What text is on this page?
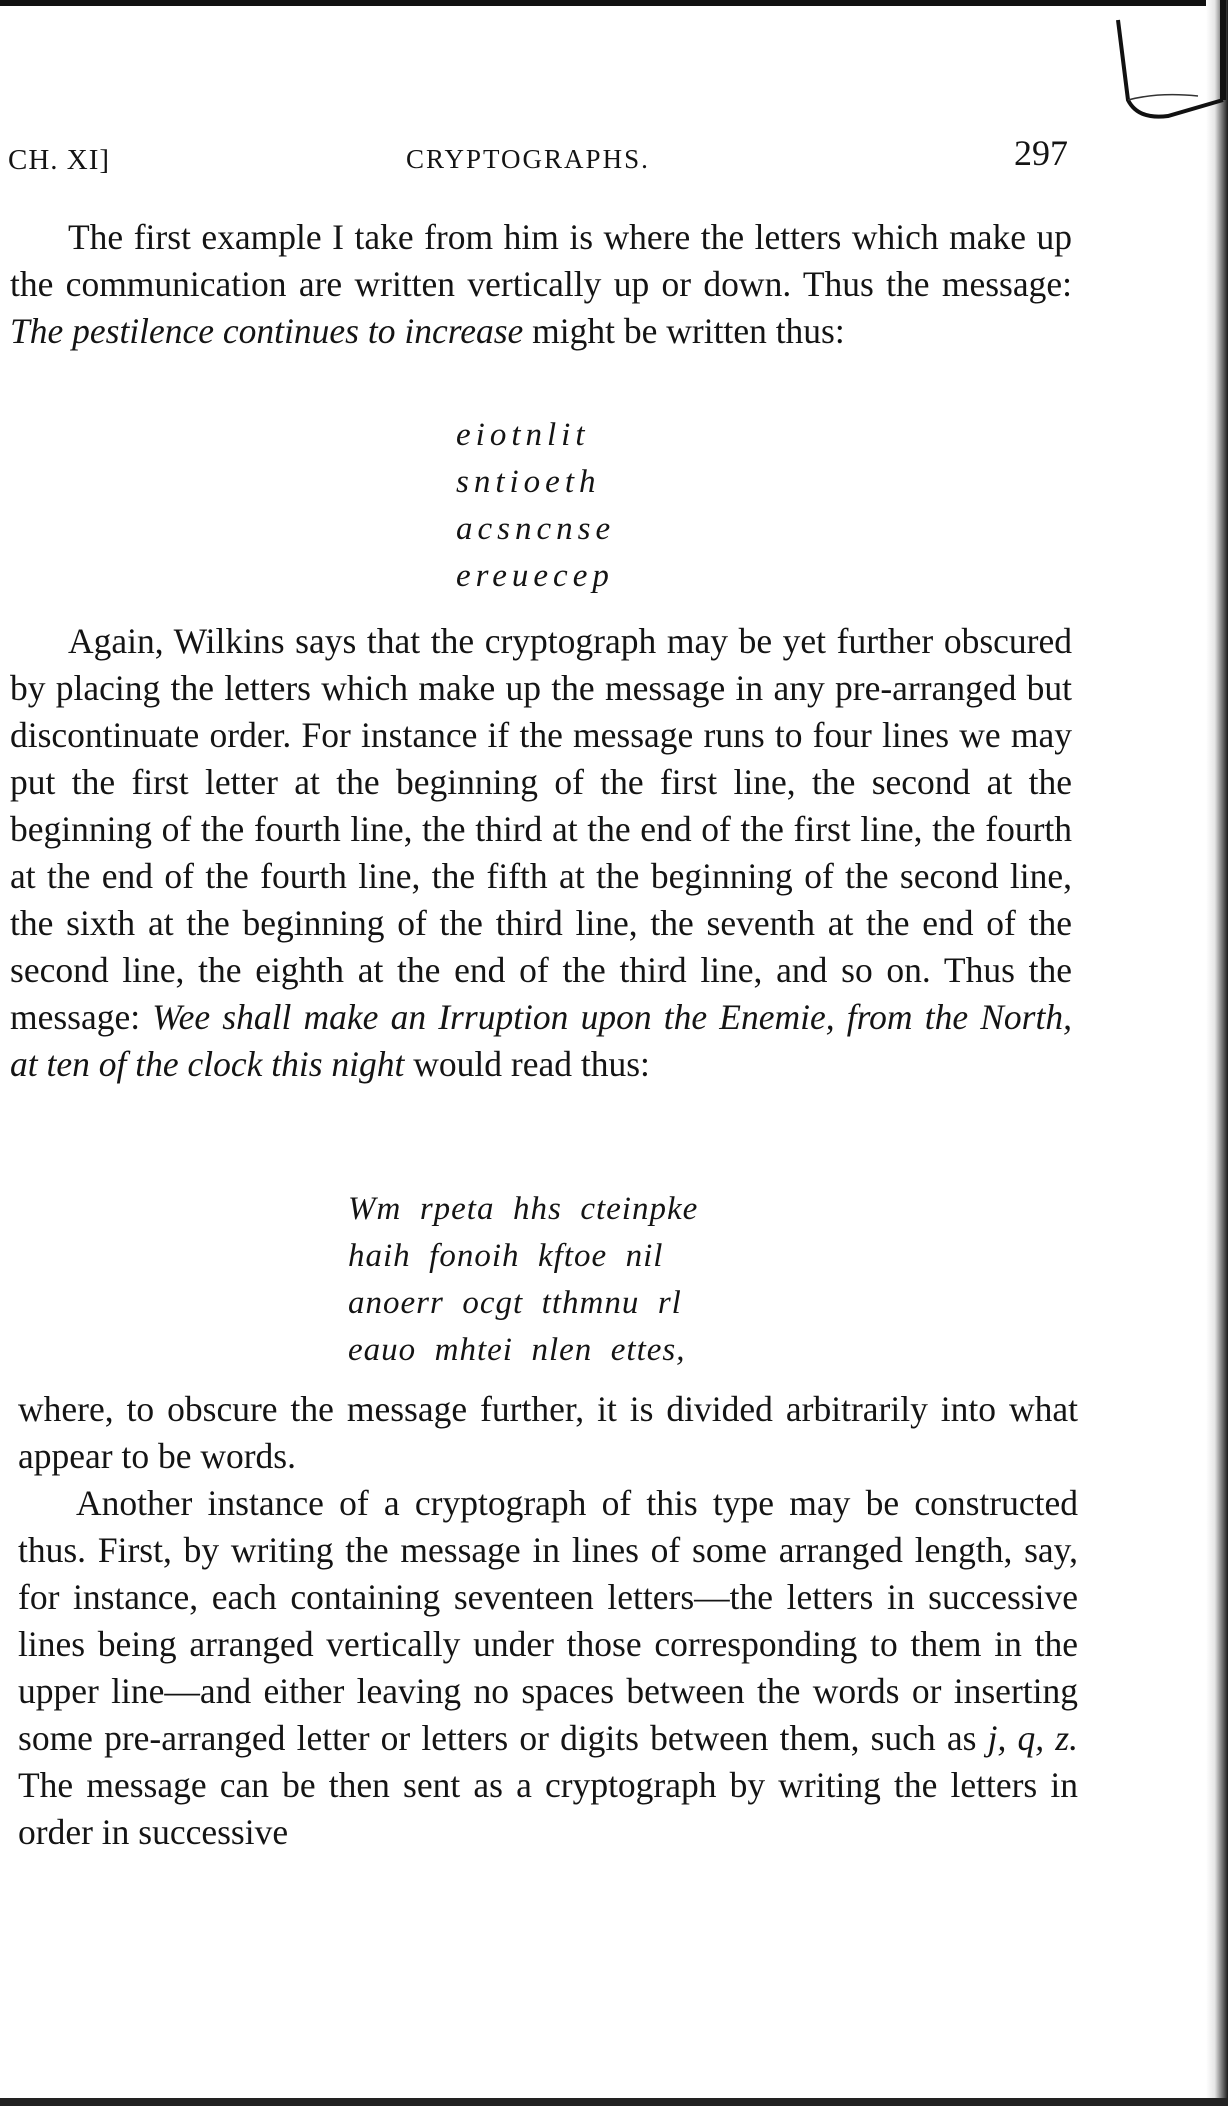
CH. XI]	CRYPTOGRAPHS.	297

The first example I take from him is where the letters which make up the communication are written vertically up or down. Thus the message: The pestilence continues to increase might be written thus:

eiotnlit
sntioeth
acsncnse
ereuecep

Again, Wilkins says that the cryptograph may be yet further obscured by placing the letters which make up the message in any pre-arranged but discontinuate order. For instance if the message runs to four lines we may put the first letter at the beginning of the first line, the second at the beginning of the fourth line, the third at the end of the first line, the fourth at the end of the fourth line, the fifth at the beginning of the second line, the sixth at the beginning of the third line, the seventh at the end of the second line, the eighth at the end of the third line, and so on. Thus the message: Wee shall make an Irruption upon the Enemie, from the North, at ten of the clock this night would read thus:

Wm  rpeta  hhs  cteinpke
haih  fonoih  kftoe  nil
anoerr  ocgt  tthmnu  rl
eauo  mhtei  nlen  ettes,

where, to obscure the message further, it is divided arbitrarily into what appear to be words.

Another instance of a cryptograph of this type may be constructed thus. First, by writing the message in lines of some arranged length, say, for instance, each containing seventeen letters—the letters in successive lines being arranged vertically under those corresponding to them in the upper line—and either leaving no spaces between the words or inserting some pre-arranged letter or letters or digits between them, such as j, q, z. The message can be then sent as a cryptograph by writing the letters in order in successive
